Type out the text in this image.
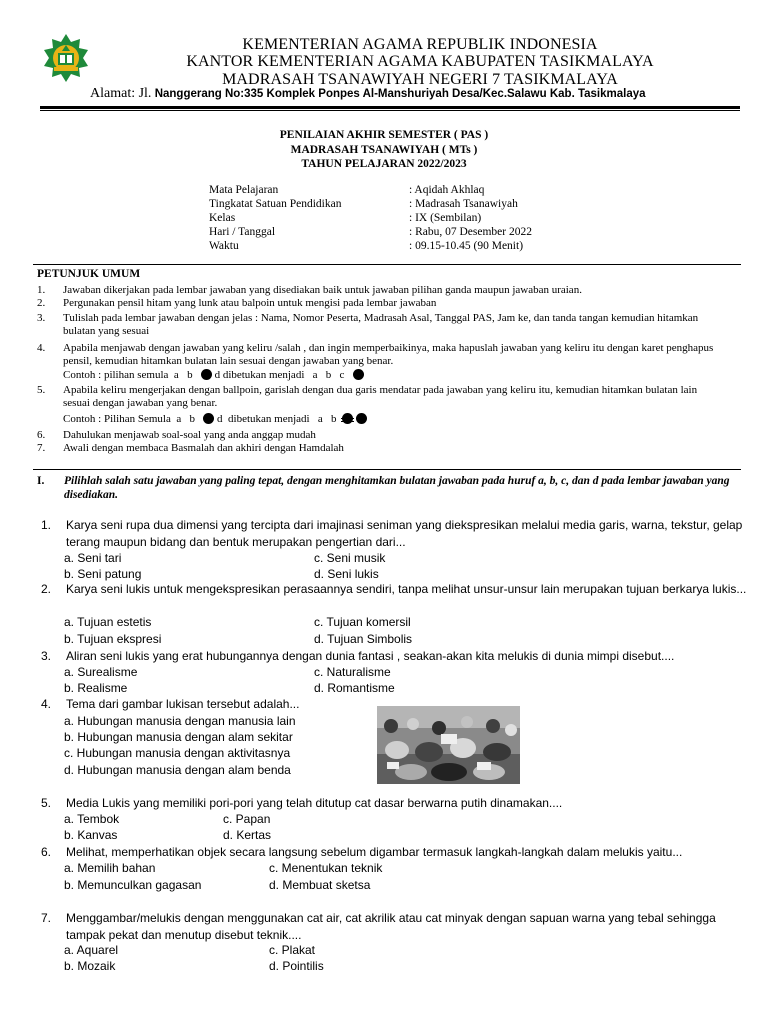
KEMENTERIAN AGAMA REPUBLIK INDONESIA
KANTOR KEMENTERIAN AGAMA KABUPATEN TASIKMALAYA
MADRASAH TSANAWIYAH NEGERI 7 TASIKMALAYA
Alamat: Jl. Nanggerang No:335 Komplek Ponpes Al-Manshuriyah Desa/Kec.Salawu Kab. Tasikmalaya
PENILAIAN AKHIR SEMESTER ( PAS )
MADRASAH TSANAWIYAH ( MTs )
TAHUN PELAJARAN 2022/2023
Mata Pelajaran	: Aqidah Akhlaq
Tingkatat Satuan Pendidikan	: Madrasah Tsanawiyah
Kelas	: IX (Sembilan)
Hari / Tanggal	: Rabu, 07 Desember 2022
Waktu	: 09.15-10.45 (90 Menit)
PETUNJUK UMUM
1. Jawaban dikerjakan pada lembar jawaban yang disediakan baik untuk jawaban pilihan ganda maupun jawaban uraian.
2. Pergunakan pensil hitam yang lunk atau balpoin untuk mengisi pada lembar jawaban
3. Tulislah pada lembar jawaban dengan jelas : Nama, Nomor Peserta, Madrasah Asal, Tanggal PAS, Jam ke, dan tanda tangan kemudian hitamkan bulatan yang sesuai
4. Apabila menjawab dengan jawaban yang keliru /salah , dan ingin memperbaikinya, maka hapuslah jawaban yang keliru itu dengan karet penghapus pensil, kemudian hitamkan bulatan lain sesuai dengan jawaban yang benar.
Contoh : pilihan semula a b d dibetukan menjadi a b c
5. Apabila keliru mengerjakan dengan ballpoin, garislah dengan dua garis mendatar pada jawaban yang keliru itu, kemudian hitamkan bulatan lain sesuai dengan jawaban yang benar.
Contoh : Pilihan Semula a b d dibetukan menjadi a b
6. Dahulukan menjawab soal-soal yang anda anggap mudah
7. Awali dengan membaca Basmalah dan akhiri dengan Hamdalah
I. Pilihlah salah satu jawaban yang paling tepat, dengan menghitamkan bulatan jawaban pada huruf a, b, c, dan d pada lembar jawaban yang disediakan.
1. Karya seni rupa dua dimensi yang tercipta dari imajinasi seniman yang diekspresikan melalui media garis, warna, tekstur, gelap terang maupun bidang dan bentuk merupakan pengertian dari...
a. Seni tari	c. Seni musik
b. Seni patung	d. Seni lukis
2. Karya seni lukis untuk mengekspresikan perasaannya sendiri, tanpa melihat unsur-unsur lain merupakan tujuan berkarya lukis...
a. Tujuan estetis	c. Tujuan komersil
b. Tujuan ekspresi	d. Tujuan Simbolis
3. Aliran seni lukis yang erat hubungannya dengan dunia fantasi , seakan-akan kita melukis di dunia mimpi disebut....
a. Surealisme	c. Naturalisme
b. Realisme	d. Romantisme
4. Tema dari gambar lukisan tersebut adalah...
a. Hubungan manusia dengan manusia lain
b. Hubungan manusia dengan alam sekitar
c. Hubungan manusia dengan aktivitasnya
d. Hubungan manusia dengan alam benda
5. Media Lukis yang memiliki pori-pori yang telah ditutup cat dasar berwarna putih dinamakan....
a. Tembok	c. Papan
b. Kanvas	d. Kertas
6. Melihat, memperhatikan objek secara langsung sebelum digambar termasuk langkah-langkah dalam melukis yaitu...
a. Memilih bahan	c. Menentukan teknik
b. Memunculkan gagasan	d. Membuat sketsa
7. Menggambar/melukis dengan menggunakan cat air, cat akrilik atau cat minyak dengan sapuan warna yang tebal sehingga tampak pekat dan menutup disebut teknik....
a. Aquarel	c. Plakat
b. Mozaik	d. Pointilis
